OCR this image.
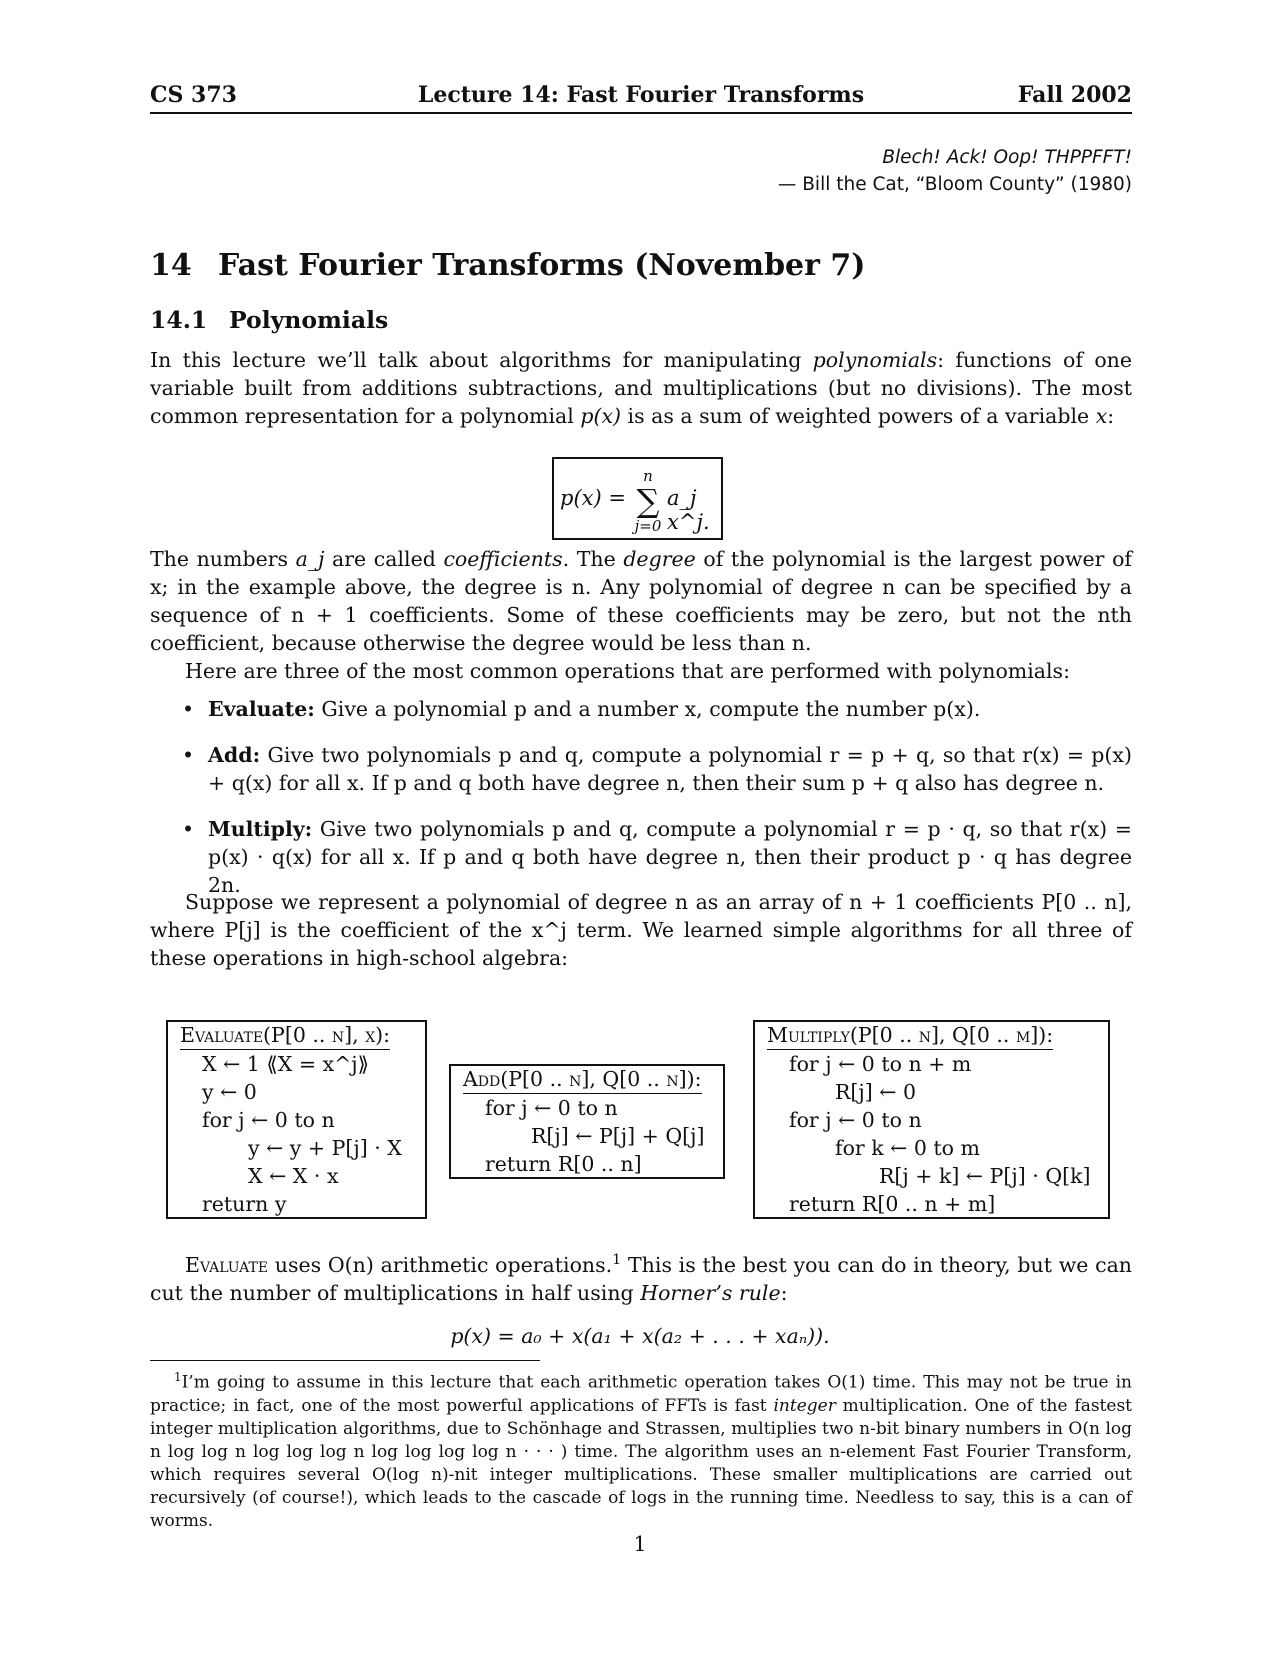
CS 373	Lecture 14: Fast Fourier Transforms	Fall 2002
Blech! Ack! Oop! THPPFFT!
— Bill the Cat, “Bloom County” (1980)
14 Fast Fourier Transforms (November 7)
14.1 Polynomials

In this lecture we’ll talk about algorithms for manipulating polynomials: functions of one variable built from additions subtractions, and multiplications (but no divisions). The most common representation for a polynomial p(x) is as a sum of weighted powers of a variable x:

p(x) =
n
∑
j=0
a_j x^j.

The numbers a_j are called coefficients. The degree of the polynomial is the largest power of x; in the example above, the degree is n. Any polynomial of degree n can be specified by a sequence of n + 1 coefficients. Some of these coefficients may be zero, but not the nth coefficient, because otherwise the degree would be less than n.

Here are three of the most common operations that are performed with polynomials:

• Evaluate: Give a polynomial p and a number x, compute the number p(x).
• Add: Give two polynomials p and q, compute a polynomial r = p + q, so that r(x) = p(x) + q(x) for all x. If p and q both have degree n, then their sum p + q also has degree n.
• Multiply: Give two polynomials p and q, compute a polynomial r = p · q, so that r(x) = p(x) · q(x) for all x. If p and q both have degree n, then their product p · q has degree 2n.
Suppose we represent a polynomial of degree n as an array of n + 1 coefficients P[0 .. n], where P[j] is the coefficient of the x^j term. We learned simple algorithms for all three of these operations in high-school algebra:
Evaluate(P[0 .. n], x):
X ← 1 ⟪X = x^j⟫
y ← 0
for j ← 0 to n
y ← y + P[j] · X
X ← X · x
return y
Add(P[0 .. n], Q[0 .. n]):
for j ← 0 to n
R[j] ← P[j] + Q[j]
return R[0 .. n]
Multiply(P[0 .. n], Q[0 .. m]):
for j ← 0 to n + m
R[j] ← 0
for j ← 0 to n
for k ← 0 to m
R[j + k] ← P[j] · Q[k]
return R[0 .. n + m]
Evaluate uses O(n) arithmetic operations.$^1$ This is the best you can do in theory, but we can cut the number of multiplications in half using Horner’s rule:
p(x) = a₀ + x(a₁ + x(a₂ + . . . + xaₙ)).

$^1$I’m going to assume in this lecture that each arithmetic operation takes O(1) time. This may not be true in practice; in fact, one of the most powerful applications of FFTs is fast integer multiplication. One of the fastest integer multiplication algorithms, due to Schönhage and Strassen, multiplies two n-bit binary numbers in O(n log n log log n log log log n log log log log n · · · ) time. The algorithm uses an n-element Fast Fourier Transform, which requires several O(log n)-nit integer multiplications. These smaller multiplications are carried out recursively (of course!), which leads to the cascade of logs in the running time. Needless to say, this is a can of worms.

1
